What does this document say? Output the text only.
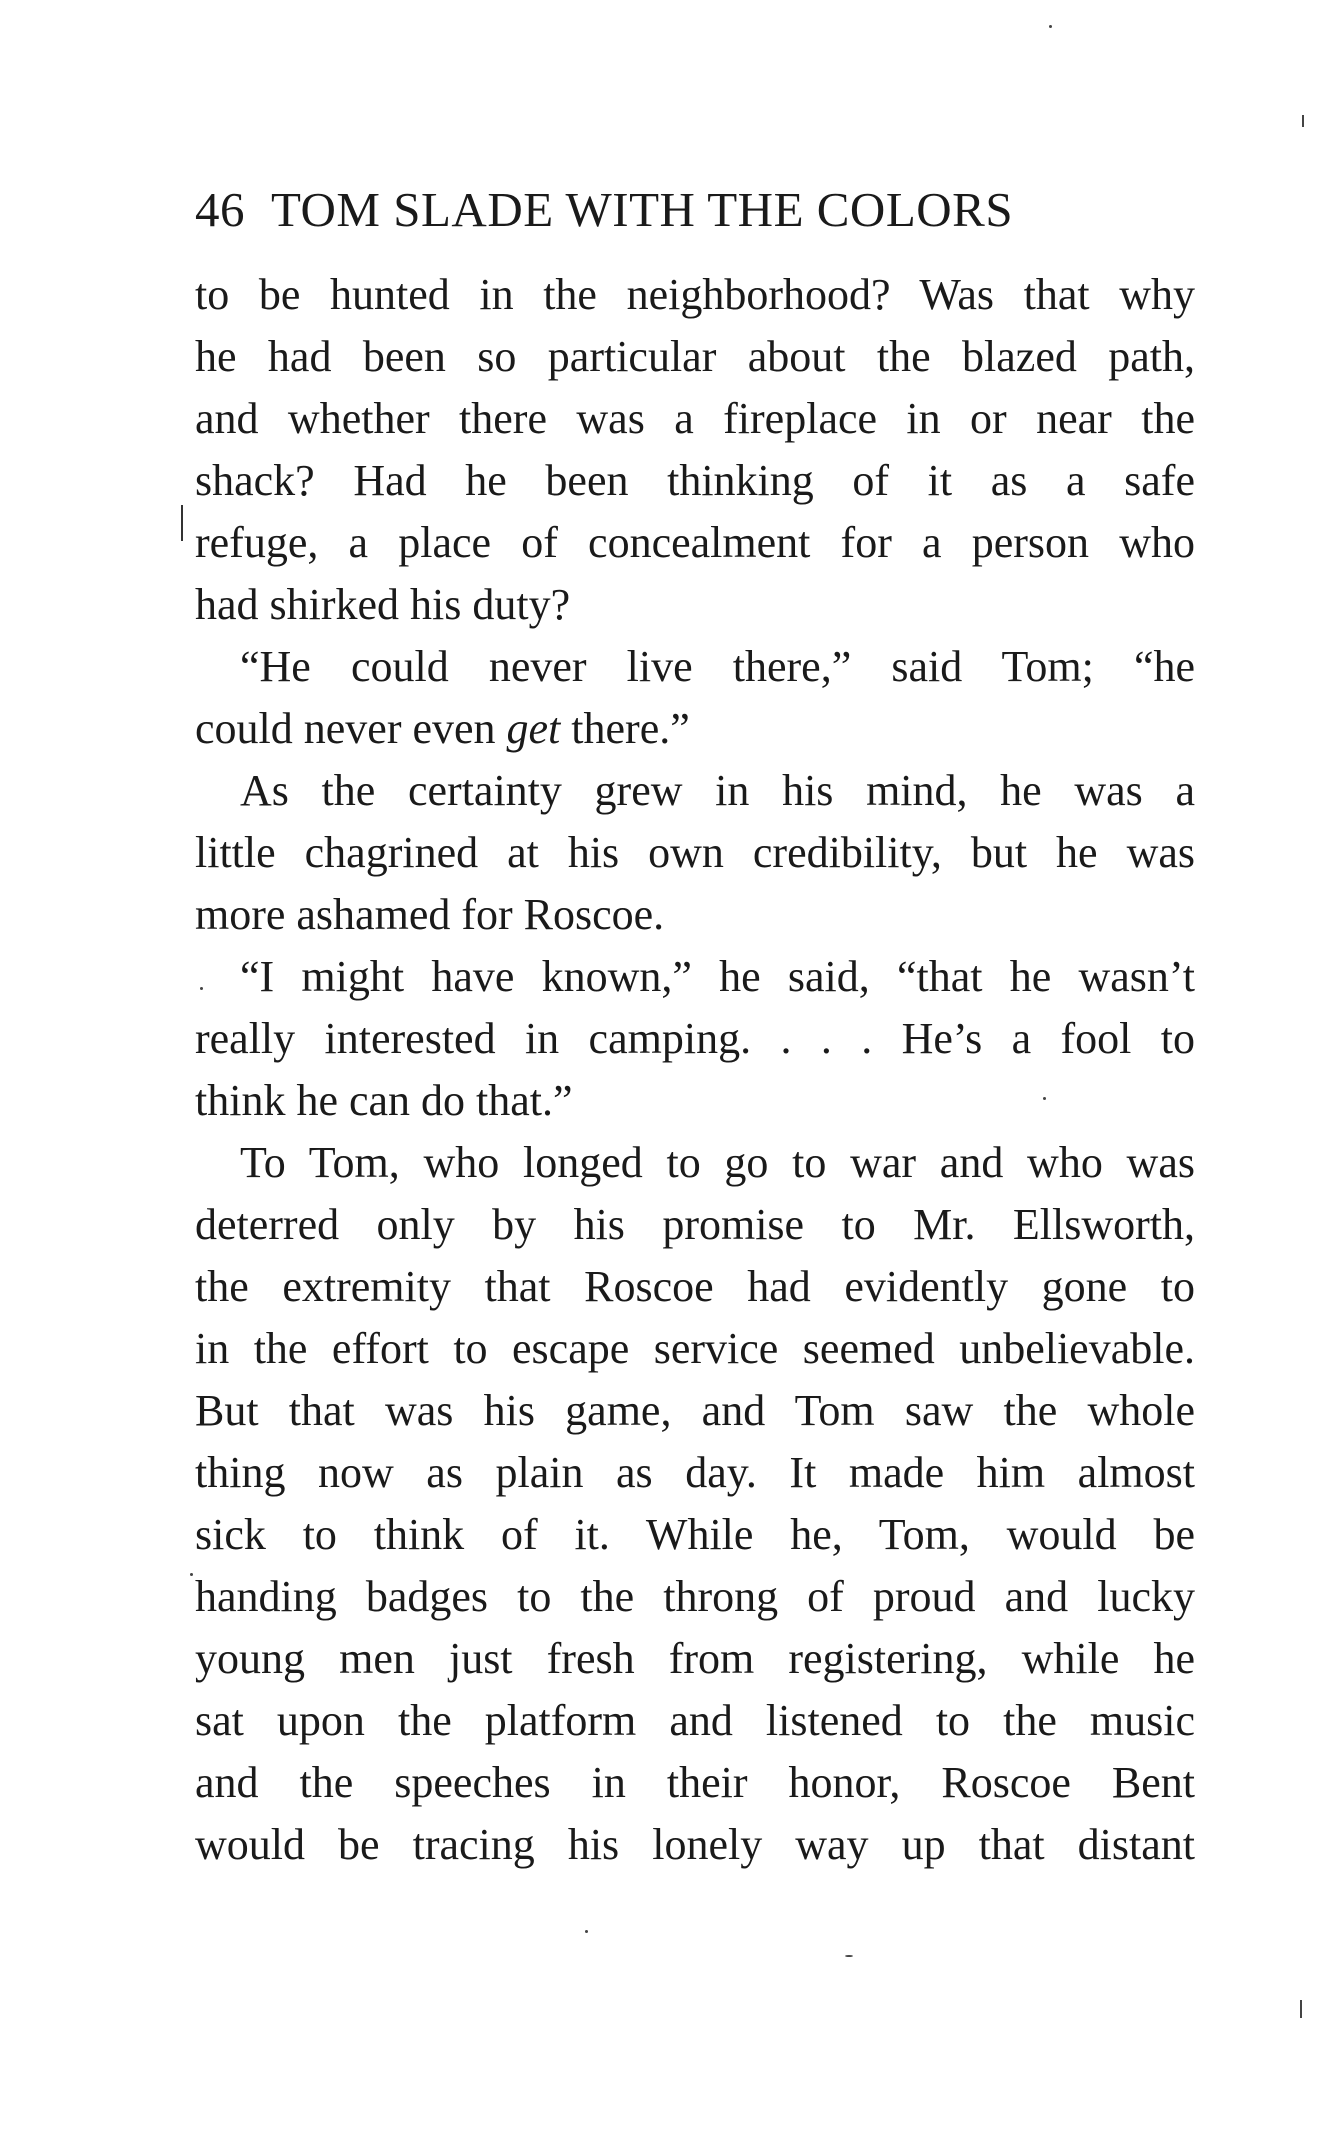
46 TOM SLADE WITH THE COLORS
to be hunted in the neighborhood? Was that why
he had been so particular about the blazed path,
and whether there was a fireplace in or near the
shack? Had he been thinking of it as a safe
refuge, a place of concealment for a person who
had shirked his duty?
“He could never live there,” said Tom; “he
could never even get there.”
As the certainty grew in his mind, he was a
little chagrined at his own credibility, but he was
more ashamed for Roscoe.
“I might have known,” he said, “that he wasn’t
really interested in camping. . . . He’s a fool to
think he can do that.”
To Tom, who longed to go to war and who was
deterred only by his promise to Mr. Ellsworth,
the extremity that Roscoe had evidently gone to
in the effort to escape service seemed unbelievable.
But that was his game, and Tom saw the whole
thing now as plain as day. It made him almost
sick to think of it. While he, Tom, would be
handing badges to the throng of proud and lucky
young men just fresh from registering, while he
sat upon the platform and listened to the music
and the speeches in their honor, Roscoe Bent
would be tracing his lonely way up that distant
